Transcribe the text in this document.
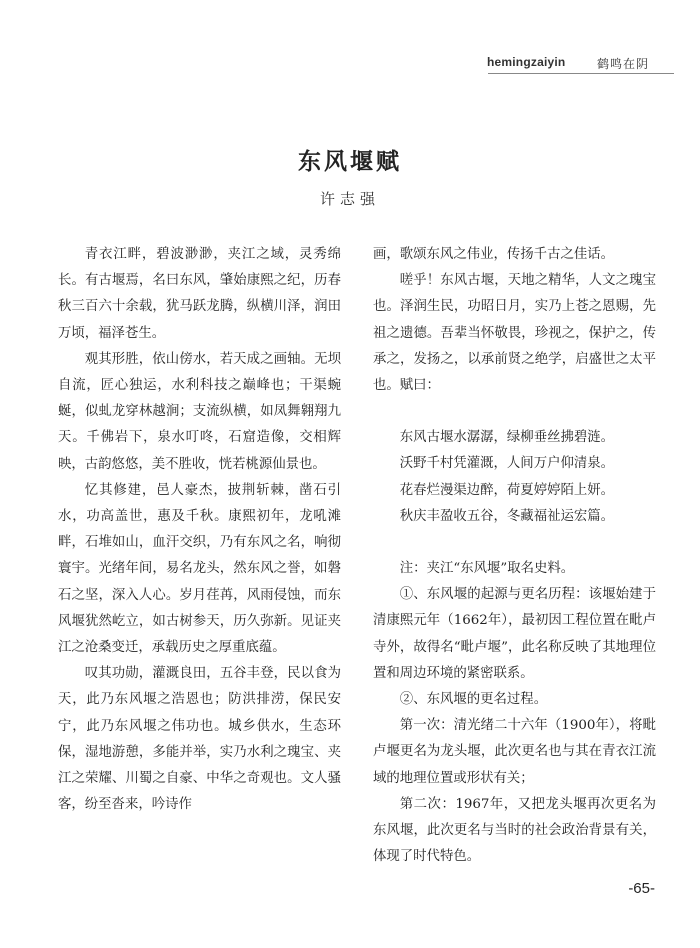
hemingzaiyin	鹤鸣在阴
东风堰赋
许志强

青衣江畔，碧波渺渺，夹江之域，灵秀绵长。有古堰焉，名曰东风，肇始康熙之纪，历春秋三百六十余载，犹马跃龙腾，纵横川泽，润田万顷，福泽苍生。

观其形胜，依山傍水，若天成之画轴。无坝自流，匠心独运，水利科技之巅峰也；干渠蜿蜒，似虬龙穿林越涧；支流纵横，如凤舞翱翔九天。千佛岩下，泉水叮咚，石窟造像，交相辉映，古韵悠悠，美不胜收，恍若桃源仙景也。

忆其修建，邑人豪杰，披荆斩棘，凿石引水，功高盖世，惠及千秋。康熙初年，龙吼滩畔，石堆如山，血汗交织，乃有东风之名，响彻寰宇。光绪年间，易名龙头，然东风之誉，如磐石之坚，深入人心。岁月荏苒，风雨侵蚀，而东风堰犹然屹立，如古树参天，历久弥新。见证夹江之沧桑变迁，承载历史之厚重底蕴。

叹其功勋，灌溉良田，五谷丰登，民以食为天，此乃东风堰之浩恩也；防洪排涝，保民安宁，此乃东风堰之伟功也。城乡供水，生态环保，湿地游憩，多能并举，实乃水利之瑰宝、夹江之荣耀、川蜀之自豪、中华之奇观也。文人骚客，纷至沓来，吟诗作

画，歌颂东风之伟业，传扬千古之佳话。

嗟乎！东风古堰，天地之精华，人文之瑰宝也。泽润生民，功昭日月，实乃上苍之恩赐，先祖之遗德。吾辈当怀敬畏，珍视之，保护之，传承之，发扬之，以承前贤之绝学，启盛世之太平也。赋曰：

东风古堰水潺潺，绿柳垂丝拂碧涟。

沃野千村凭灌溉，人间万户仰清泉。

花春烂漫渠边醉，荷夏婷婷陌上妍。

秋庆丰盈收五谷，冬藏福祉运宏篇。

注：夹江“东风堰”取名史料。

①、东风堰的起源与更名历程：该堰始建于清康熙元年（1662年），最初因工程位置在毗卢寺外，故得名“毗卢堰”，此名称反映了其地理位置和周边环境的紧密联系。

②、东风堰的更名过程。

第一次：清光绪二十六年（1900年），将毗卢堰更名为龙头堰，此次更名也与其在青衣江流域的地理位置或形状有关；

第二次：1967年，又把龙头堰再次更名为东风堰，此次更名与当时的社会政治背景有关，体现了时代特色。

-65-
